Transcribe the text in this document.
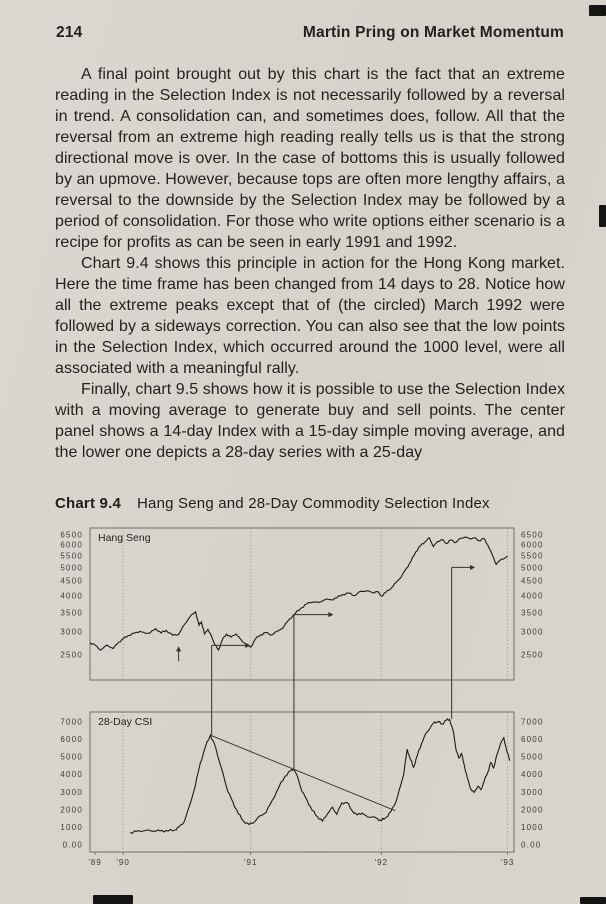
214	Martin Pring on Market Momentum

A final point brought out by this chart is the fact that an extreme reading in the Selection Index is not necessarily followed by a reversal in trend. A consolidation can, and sometimes does, follow. All that the reversal from an extreme high reading really tells us is that the strong directional move is over. In the case of bottoms this is usually followed by an upmove. However, because tops are often more lengthy affairs, a reversal to the downside by the Selection Index may be followed by a period of consolidation. For those who write options either scenario is a recipe for profits as can be seen in early 1991 and 1992.

Chart 9.4 shows this principle in action for the Hong Kong market. Here the time frame has been changed from 14 days to 28. Notice how all the extreme peaks except that of (the circled) March 1992 were followed by a sideways correction. You can also see that the low points in the Selection Index, which occurred around the 1000 level, were all associated with a meaningful rally.

Finally, chart 9.5 shows how it is possible to use the Selection Index with a moving average to generate buy and sell points. The center panel shows a 14-day Index with a 15-day simple moving average, and the lower one depicts a 28-day series with a 25-day

Chart 9.4 Hang Seng and 28-Day Commodity Selection Index
6500	6500
6000	6000
5500	5500
5000	5000
4500	4500
4000	4000
3500	3500
3000	3000
2500	2500
Hang Seng
7000	7000
6000	6000
5000	5000
4000	4000
3000	3000
2000	2000
1000	1000
0.00	0.00
28-Day CSI
'89 '90	'91	'92	'93
